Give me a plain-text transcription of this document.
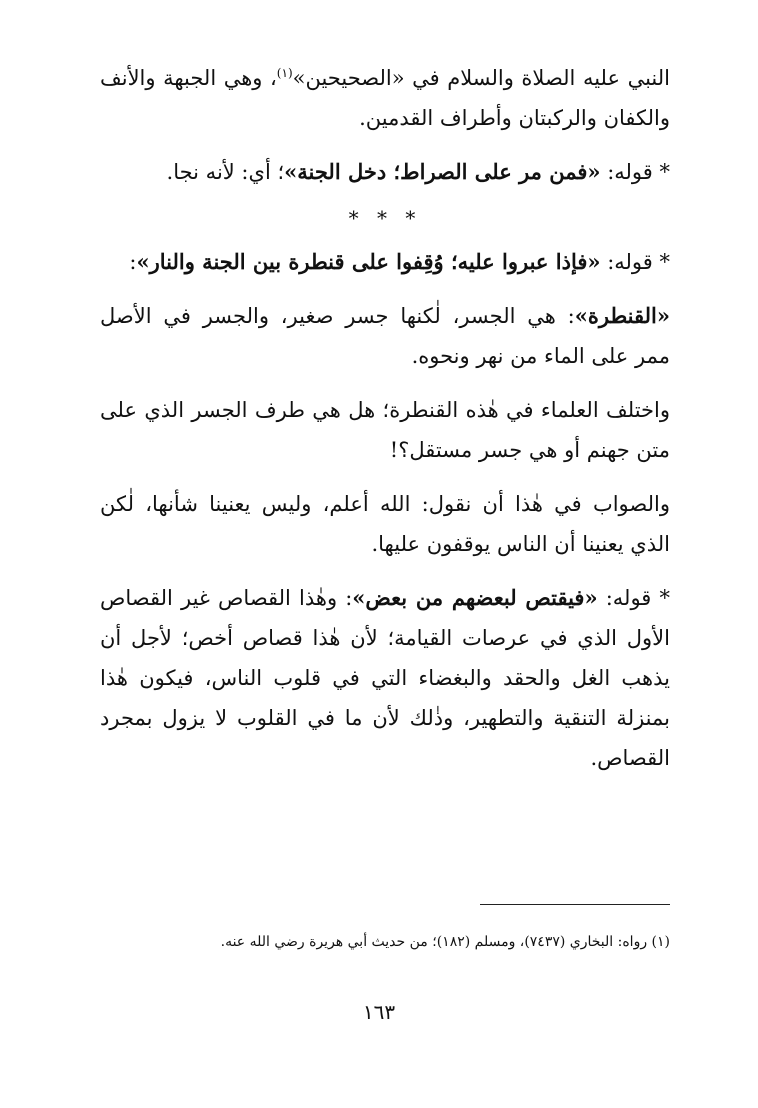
النبي عليه الصلاة والسلام في «الصحيحين»$^{(١)}$، وهي الجبهة والأنف والكفان والركبتان وأطراف القدمين.

* قوله: «فمن مر على الصراط؛ دخل الجنة»؛ أي: لأنه نجا.

* * *

* قوله: «فإذا عبروا عليه؛ وُقِفوا على قنطرة بين الجنة والنار»:

«القنطرة»: هي الجسر، لٰكنها جسر صغير، والجسر في الأصل ممر على الماء من نهر ونحوه.

واختلف العلماء في هٰذه القنطرة؛ هل هي طرف الجسر الذي على متن جهنم أو هي جسر مستقل؟!

والصواب في هٰذا أن نقول: الله أعلم، وليس يعنينا شأنها، لٰكن الذي يعنينا أن الناس يوقفون عليها.

* قوله: «فيقتص لبعضهم من بعض»: وهٰذا القصاص غير القصاص الأول الذي في عرصات القيامة؛ لأن هٰذا قصاص أخص؛ لأجل أن يذهب الغل والحقد والبغضاء التي في قلوب الناس، فيكون هٰذا بمنزلة التنقية والتطهير، وذٰلك لأن ما في القلوب لا يزول بمجرد القصاص.

(١) رواه: البخاري (٧٤٣٧)، ومسلم (١٨٢)؛ من حديث أبي هريرة رضي الله عنه.
١٦٣
